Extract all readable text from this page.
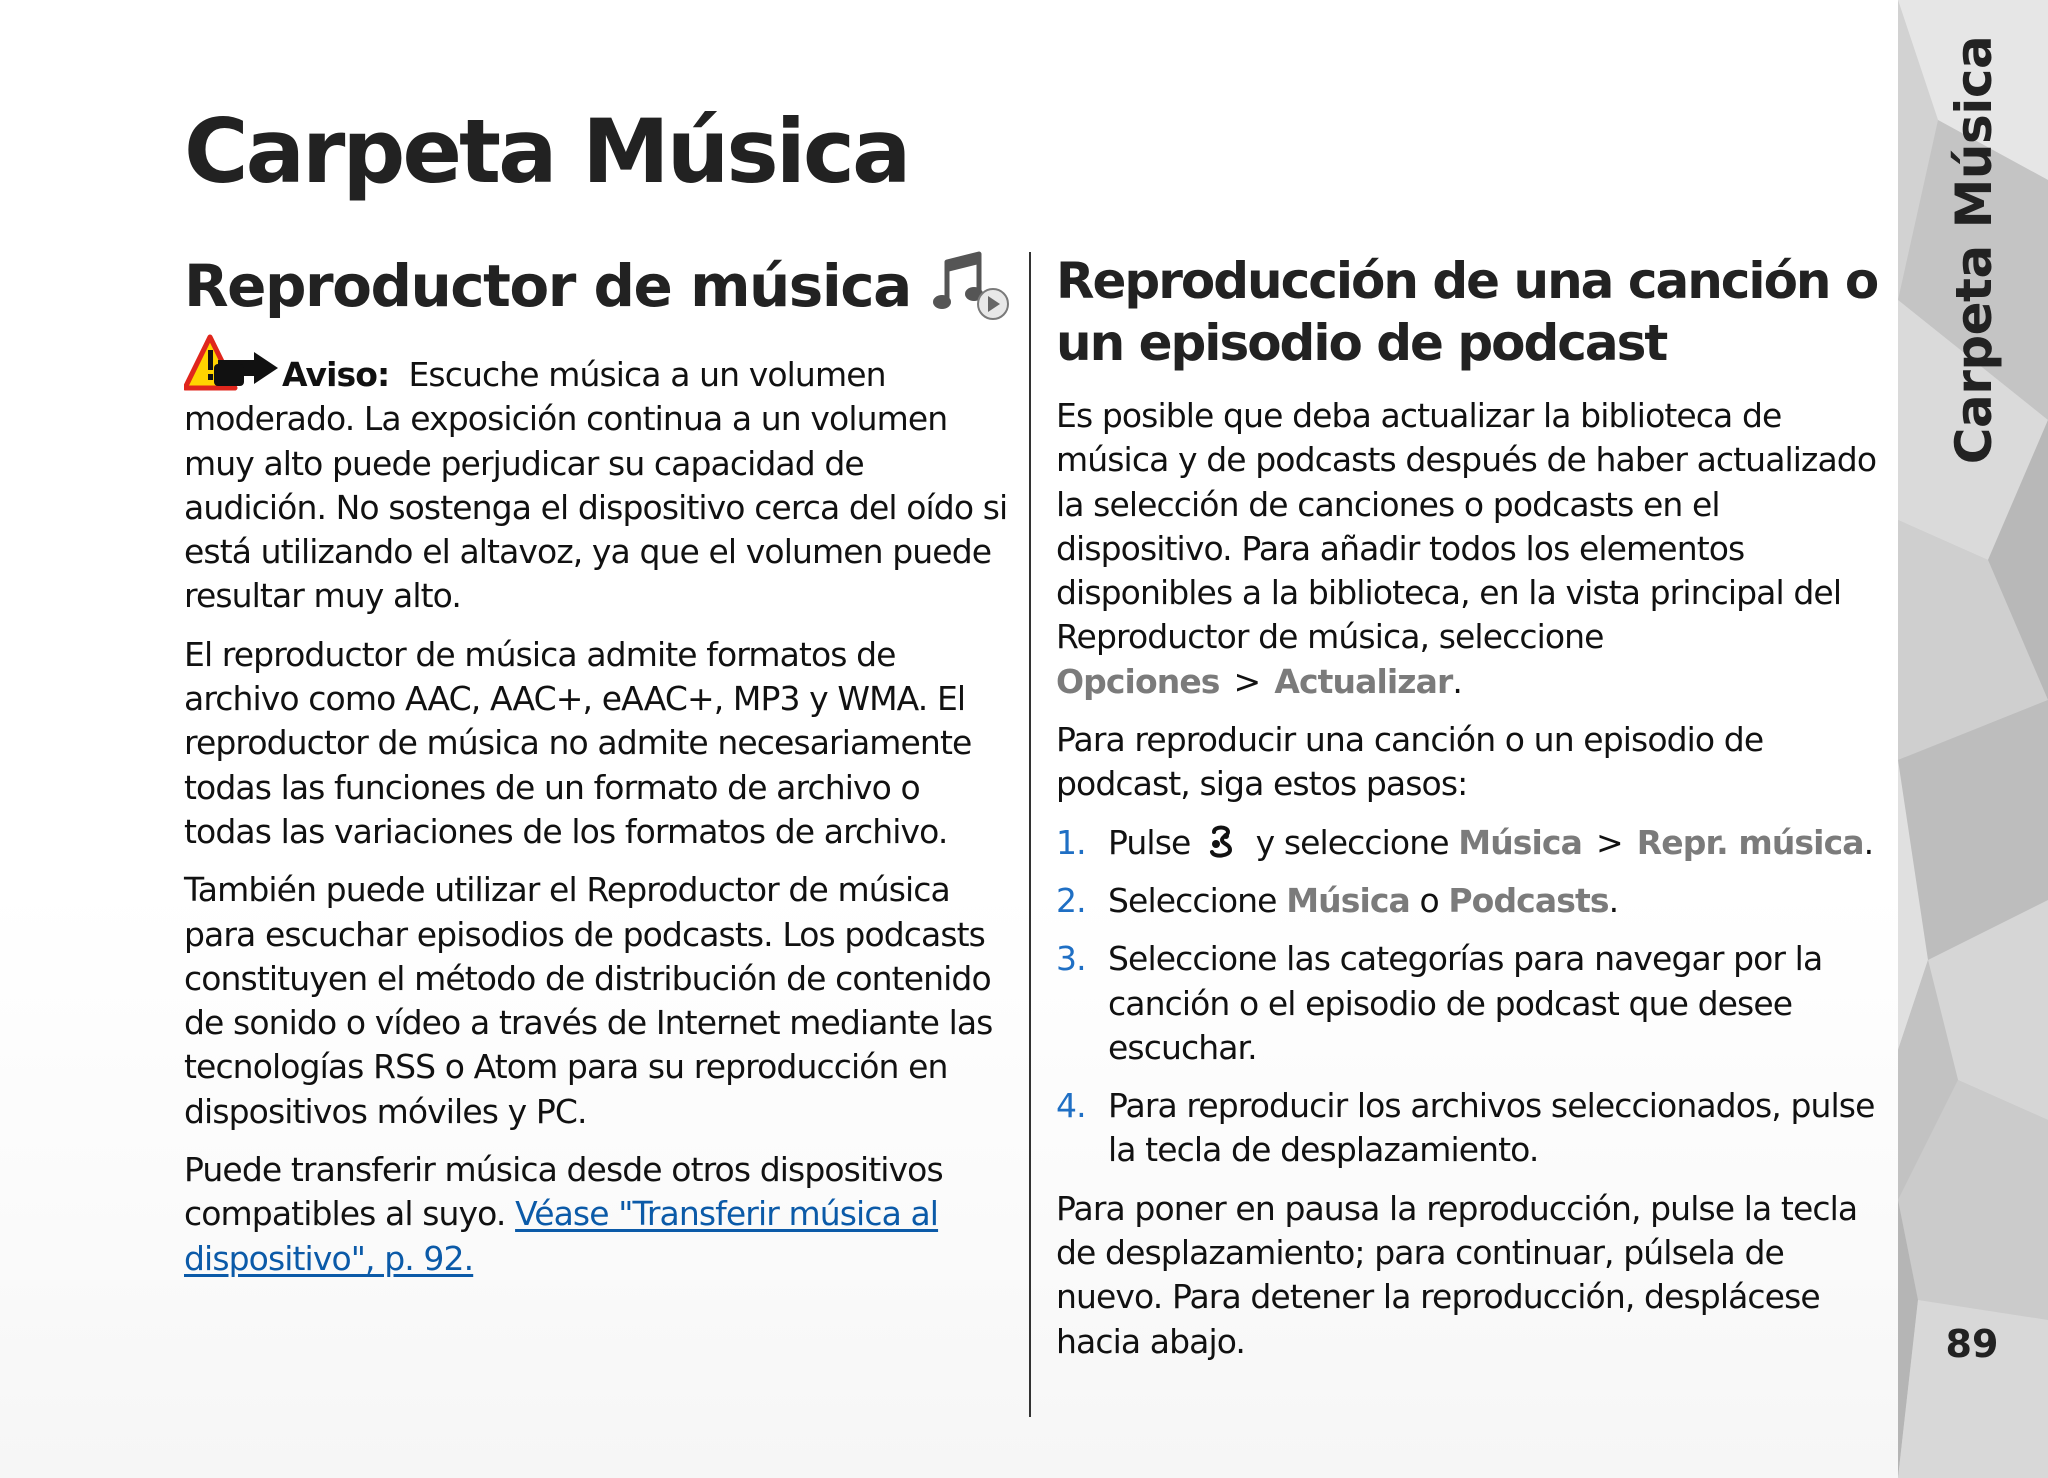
Carpeta Música
89
Carpeta Música
Reproductor de música

Aviso: Escuche música a un volumen moderado. La exposición continua a un volumen muy alto puede perjudicar su capacidad de audición. No sostenga el dispositivo cerca del oído si está utilizando el altavoz, ya que el volumen puede resultar muy alto.

El reproductor de música admite formatos de archivo como AAC, AAC+, eAAC+, MP3 y WMA. El reproductor de música no admite necesariamente todas las funciones de un formato de archivo o todas las variaciones de los formatos de archivo.

También puede utilizar el Reproductor de música para escuchar episodios de podcasts. Los podcasts constituyen el método de distribución de contenido de sonido o vídeo a través de Internet mediante las tecnologías RSS o Atom para su reproducción en dispositivos móviles y PC.

Puede transferir música desde otros dispositivos compatibles al suyo. Véase "Transferir música al dispositivo", p. 92.

Reproducción de una canción o un episodio de podcast

Es posible que deba actualizar la biblioteca de música y de podcasts después de haber actualizado la selección de canciones o podcasts en el dispositivo. Para añadir todos los elementos disponibles a la biblioteca, en la vista principal del Reproductor de música, seleccione Opciones > Actualizar.

Para reproducir una canción o un episodio de podcast, siga estos pasos:

1. Pulse y seleccione Música > Repr. música.
2. Seleccione Música o Podcasts.
3. Seleccione las categorías para navegar por la canción o el episodio de podcast que desee escuchar.
4. Para reproducir los archivos seleccionados, pulse la tecla de desplazamiento.

Para poner en pausa la reproducción, pulse la tecla de desplazamiento; para continuar, púlsela de nuevo. Para detener la reproducción, desplácese hacia abajo.
